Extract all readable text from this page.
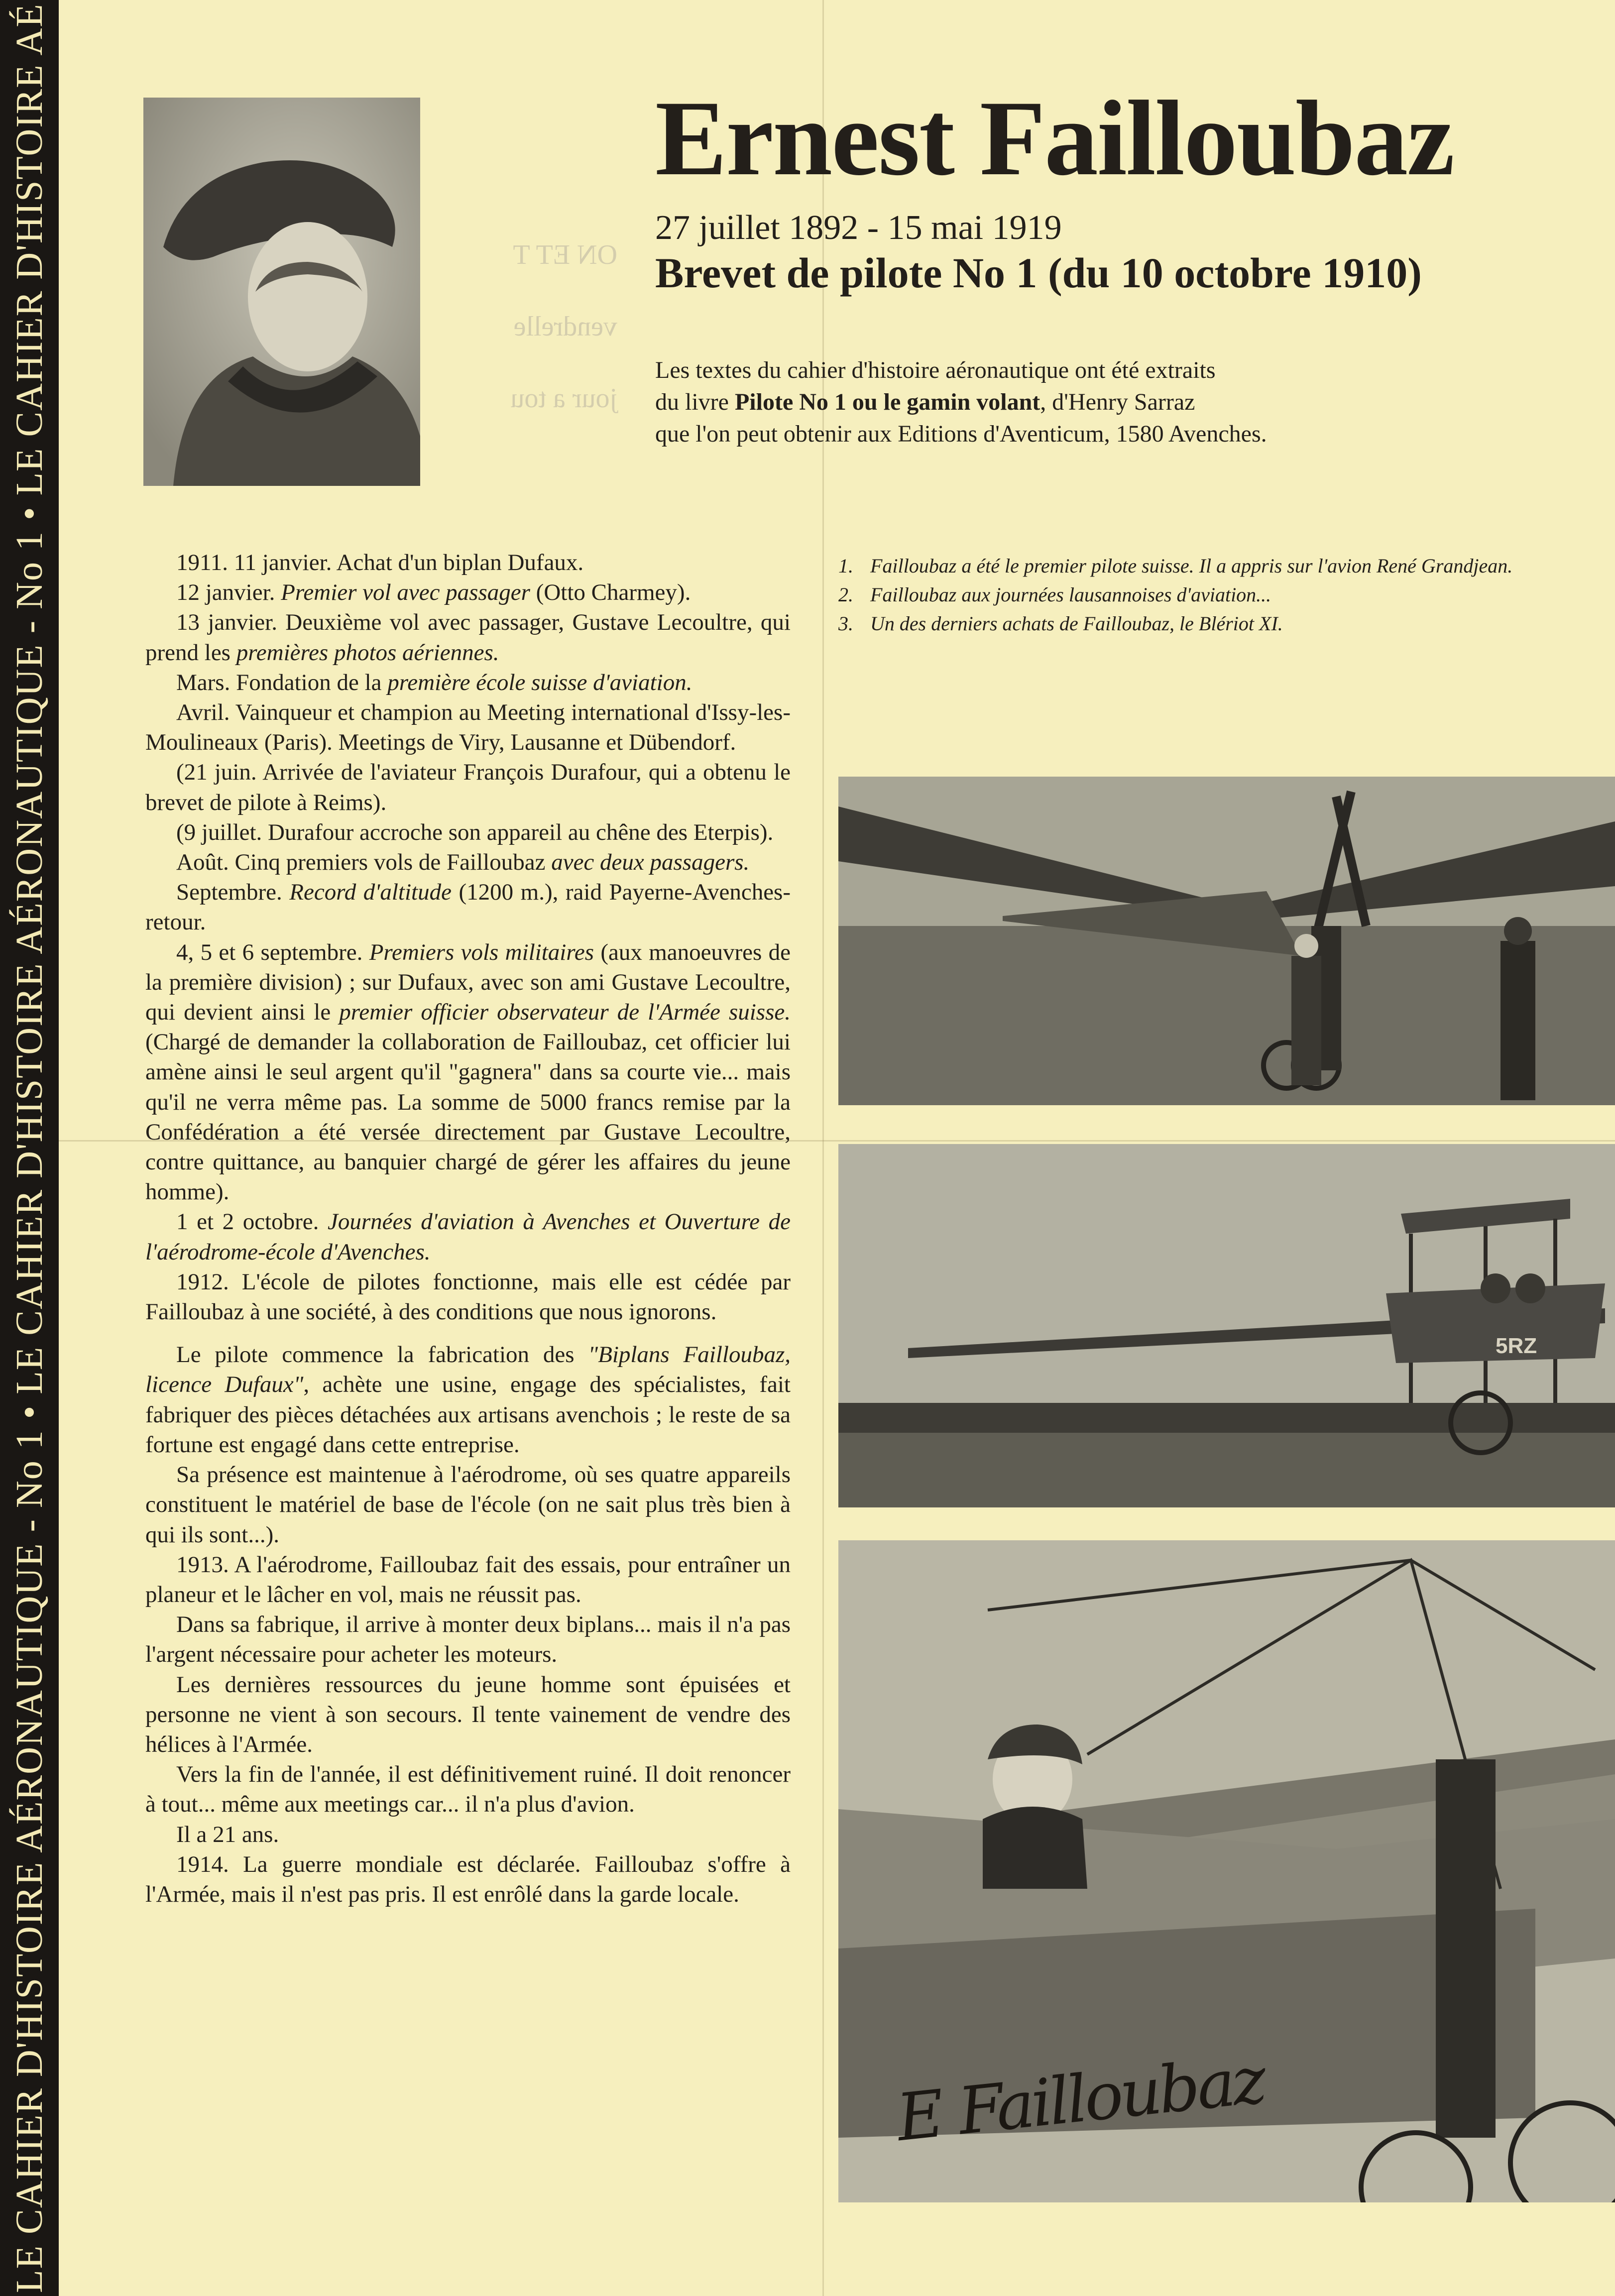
LE CAHIER D'HISTOIRE AÉRONAUTIQUE - No 1 • LE CAHIER D'HISTOIRE AÉRONAUTIQUE - No 1 • LE CAHIER D'HISTOIRE AÉ	ON ET T
vendrelle
jour a tou
Ernest Failloubaz
27 juillet 1892 - 15 mai 1919
Brevet de pilote No 1 (du 10 octobre 1910)

Les textes du cahier d'histoire aéronautique ont été extraits

du livre Pilote No 1 ou le gamin volant, d'Henry Sarraz

que l'on peut obtenir aux Editions d'Aventicum, 1580 Avenches.

1911. 11 janvier. Achat d'un biplan Dufaux.

12 janvier. Premier vol avec passager (Otto Charmey).

13 janvier. Deuxième vol avec passager, Gustave Lecoultre, qui prend les premières photos aériennes.

Mars. Fondation de la première école suisse d'aviation.

Avril. Vainqueur et champion au Meeting international d'Issy-les-Moulineaux (Paris). Meetings de Viry, Lausanne et Dübendorf.

(21 juin. Arrivée de l'aviateur François Durafour, qui a obtenu le brevet de pilote à Reims).

(9 juillet. Durafour accroche son appareil au chêne des Eterpis).

Août. Cinq premiers vols de Failloubaz avec deux passagers.

Septembre. Record d'altitude (1200 m.), raid Payerne-Avenches-retour.

4, 5 et 6 septembre. Premiers vols militaires (aux manoeuvres de la première division) ; sur Dufaux, avec son ami Gustave Lecoultre, qui devient ainsi le premier officier observateur de l'Armée suisse. (Chargé de demander la collaboration de Failloubaz, cet officier lui amène ainsi le seul argent qu'il "gagnera" dans sa courte vie... mais qu'il ne verra même pas. La somme de 5000 francs remise par la Confédération a été versée directement par Gustave Lecoultre, contre quittance, au banquier chargé de gérer les affaires du jeune homme).

1 et 2 octobre. Journées d'aviation à Avenches et Ouverture de l'aérodrome-école d'Avenches.

1912. L'école de pilotes fonctionne, mais elle est cédée par Failloubaz à une société, à des conditions que nous ignorons.

Le pilote commence la fabrication des "Biplans Failloubaz, licence Dufaux", achète une usine, engage des spécialistes, fait fabriquer des pièces détachées aux artisans avenchois ; le reste de sa fortune est engagé dans cette entreprise.

Sa présence est maintenue à l'aérodrome, où ses quatre appareils constituent le matériel de base de l'école (on ne sait plus très bien à qui ils sont...).

1913. A l'aérodrome, Failloubaz fait des essais, pour entraîner un planeur et le lâcher en vol, mais ne réussit pas.

Dans sa fabrique, il arrive à monter deux biplans... mais il n'a pas l'argent nécessaire pour acheter les moteurs.

Les dernières ressources du jeune homme sont épuisées et personne ne vient à son secours. Il tente vainement de vendre des hélices à l'Armée.

Vers la fin de l'année, il est définitivement ruiné. Il doit renoncer à tout... même aux meetings car... il n'a plus d'avion.

Il a 21 ans.

1914. La guerre mondiale est déclarée. Failloubaz s'offre à l'Armée, mais il n'est pas pris. Il est enrôlé dans la garde locale.

1. Failloubaz a été le premier pilote suisse. Il a appris sur l'avion René Grandjean.
2. Failloubaz aux journées lausannoises d'aviation...
3. Un des derniers achats de Failloubaz, le Blériot XI.
5RZ
E Failloubaz
